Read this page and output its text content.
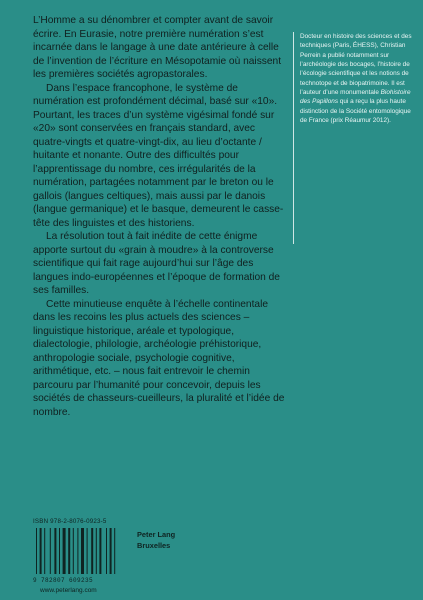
L’Homme a su dénombrer et compter avant de savoir écrire. En Eurasie, notre première numération s’est incarnée dans le langage à une date antérieure à celle de l’invention de l’écriture en Mésopotamie où naissent les premières sociétés agropastorales.

Dans l’espace francophone, le système de numération est profondément décimal, basé sur «10». Pourtant, les traces d’un système vigésimal fondé sur «20» sont conservées en français standard, avec quatre-vingts et quatre-vingt-dix, au lieu d’octante / huitante et nonante. Outre des difficultés pour l’apprentissage du nombre, ces irrégularités de la numération, partagées notamment par le breton ou le gallois (langues celtiques), mais aussi par le danois (langue germanique) et le basque, demeurent le casse-tête des linguistes et des historiens.

La résolution tout à fait inédite de cette énigme apporte surtout du «grain à moudre» à la controverse scientifique qui fait rage aujourd’hui sur l’âge des langues indo-européennes et l’époque de formation de ses familles.

Cette minutieuse enquête à l’échelle continentale dans les recoins les plus actuels des sciences – linguistique historique, aréale et typologique, dialectologie, philologie, archéologie préhistorique, anthropologie sociale, psychologie cognitive, arithmétique, etc. – nous fait entrevoir le chemin parcouru par l’humanité pour concevoir, depuis les sociétés de chasseurs-cueilleurs, la pluralité et l’idée de nombre.

Docteur en histoire des sciences et des techniques (Paris, ÉHESS), Christian Perrein a publié notamment sur l’archéologie des bocages, l’histoire de l’écologie scientifique et les notions de technotope et de biopatrimoine. Il est l’auteur d’une monumentale Biohistoire des Papillons qui a reçu la plus haute distinction de la Société entomologique de France (prix Réaumur 2012).

ISBN 978-2-8076-0923-5
9 782807 609235
www.peterlang.com
Peter Lang
Bruxelles
